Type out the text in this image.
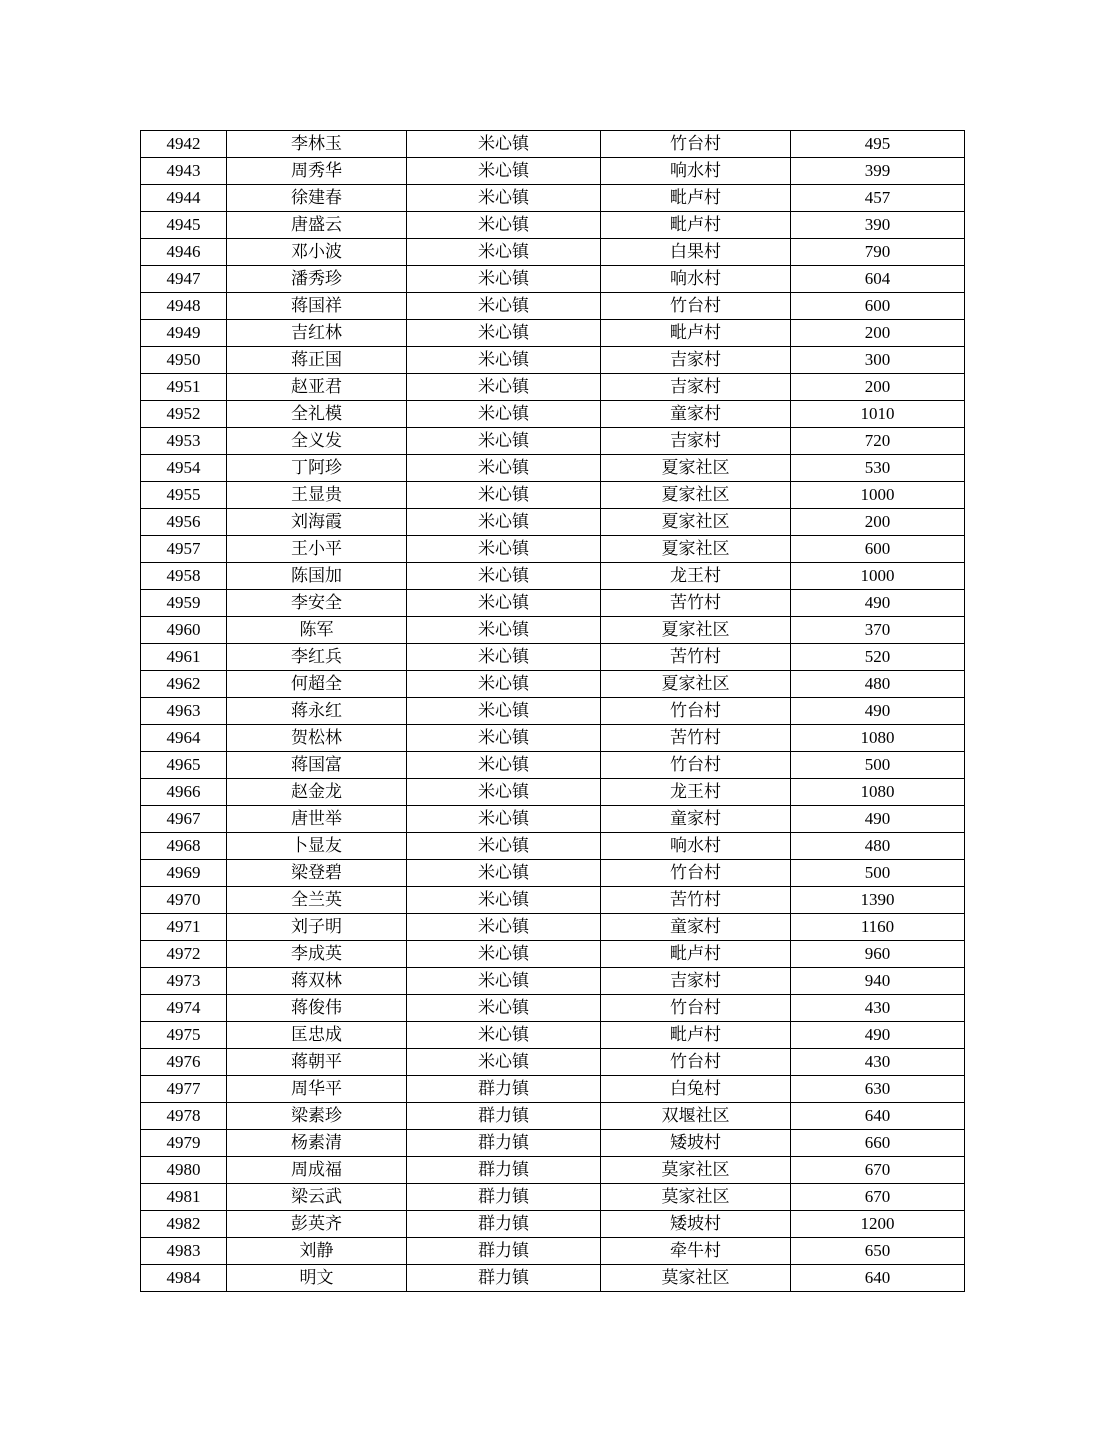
4942	李林玉	米心镇	竹台村	495
4943	周秀华	米心镇	响水村	399
4944	徐建春	米心镇	毗卢村	457
4945	唐盛云	米心镇	毗卢村	390
4946	邓小波	米心镇	白果村	790
4947	潘秀珍	米心镇	响水村	604
4948	蒋国祥	米心镇	竹台村	600
4949	吉红林	米心镇	毗卢村	200
4950	蒋正国	米心镇	吉家村	300
4951	赵亚君	米心镇	吉家村	200
4952	全礼模	米心镇	童家村	1010
4953	全义发	米心镇	吉家村	720
4954	丁阿珍	米心镇	夏家社区	530
4955	王显贵	米心镇	夏家社区	1000
4956	刘海霞	米心镇	夏家社区	200
4957	王小平	米心镇	夏家社区	600
4958	陈国加	米心镇	龙王村	1000
4959	李安全	米心镇	苦竹村	490
4960	陈军	米心镇	夏家社区	370
4961	李红兵	米心镇	苦竹村	520
4962	何超全	米心镇	夏家社区	480
4963	蒋永红	米心镇	竹台村	490
4964	贺松林	米心镇	苦竹村	1080
4965	蒋国富	米心镇	竹台村	500
4966	赵金龙	米心镇	龙王村	1080
4967	唐世举	米心镇	童家村	490
4968	卜显友	米心镇	响水村	480
4969	梁登碧	米心镇	竹台村	500
4970	全兰英	米心镇	苦竹村	1390
4971	刘子明	米心镇	童家村	1160
4972	李成英	米心镇	毗卢村	960
4973	蒋双林	米心镇	吉家村	940
4974	蒋俊伟	米心镇	竹台村	430
4975	匡忠成	米心镇	毗卢村	490
4976	蒋朝平	米心镇	竹台村	430
4977	周华平	群力镇	白兔村	630
4978	梁素珍	群力镇	双堰社区	640
4979	杨素清	群力镇	矮坡村	660
4980	周成福	群力镇	莫家社区	670
4981	梁云武	群力镇	莫家社区	670
4982	彭英齐	群力镇	矮坡村	1200
4983	刘静	群力镇	牵牛村	650
4984	明文	群力镇	莫家社区	640
